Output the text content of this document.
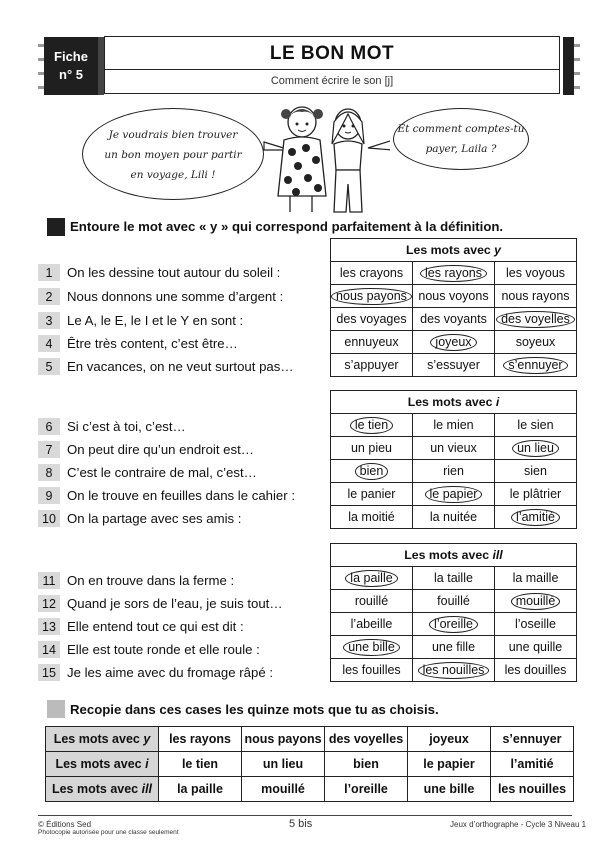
Fiche
n° 5
LE BON MOT
Comment écrire le son [j]
Je voudrais bien trouver
un bon moyen pour partir
en voyage, Lili !
Et comment comptes-tu
payer, Laila ?
Entoure le mot avec « y » qui correspond parfaitement à la définition.
1 On les dessine tout autour du soleil :
2 Nous donnons une somme d’argent :
3 Le A, le E, le I et le Y en sont :
4 Être très content, c’est être…
5 En vacances, on ne veut surtout pas…
Les mots avec y		
les crayons	les rayons	les voyous
nous payons	nous voyons	nous rayons
des voyages	des voyants	des voyelles
ennuyeux	joyeux	soyeux
s’appuyer	s’essuyer	s’ennuyer
6 Si c’est à toi, c’est…
7 On peut dire qu’un endroit est…
8 C’est le contraire de mal, c’est…
9 On le trouve en feuilles dans le cahier :
10 On la partage avec ses amis :
Les mots avec i		
le tien	le mien	le sien
un pieu	un vieux	un lieu
bien	rien	sien
le panier	le papier	le plâtrier
la moitié	la nuitée	l’amitié
11 On en trouve dans la ferme :
12 Quand je sors de l’eau, je suis tout…
13 Elle entend tout ce qui est dit :
14 Elle est toute ronde et elle roule :
15 Je les aime avec du fromage râpé :
Les mots avec ill		
la paille	la taille	la maille
rouillé	fouillé	mouillé
l’abeille	l’oreille	l’oseille
une bille	une fille	une quille
les fouilles	les nouilles	les douilles
Recopie dans ces cases les quinze mots que tu as choisis.
Les mots avec y	les rayons	nous payons	des voyelles	joyeux	s’ennuyer
Les mots avec i	le tien	un lieu	bien	le papier	l’amitié
Les mots avec ill	la paille	mouillé	l’oreille	une bille	les nouilles
© Éditions Sed
Photocopie autorisée pour une classe seulement
5 bis	Jeux d’orthographe - Cycle 3 Niveau 1
